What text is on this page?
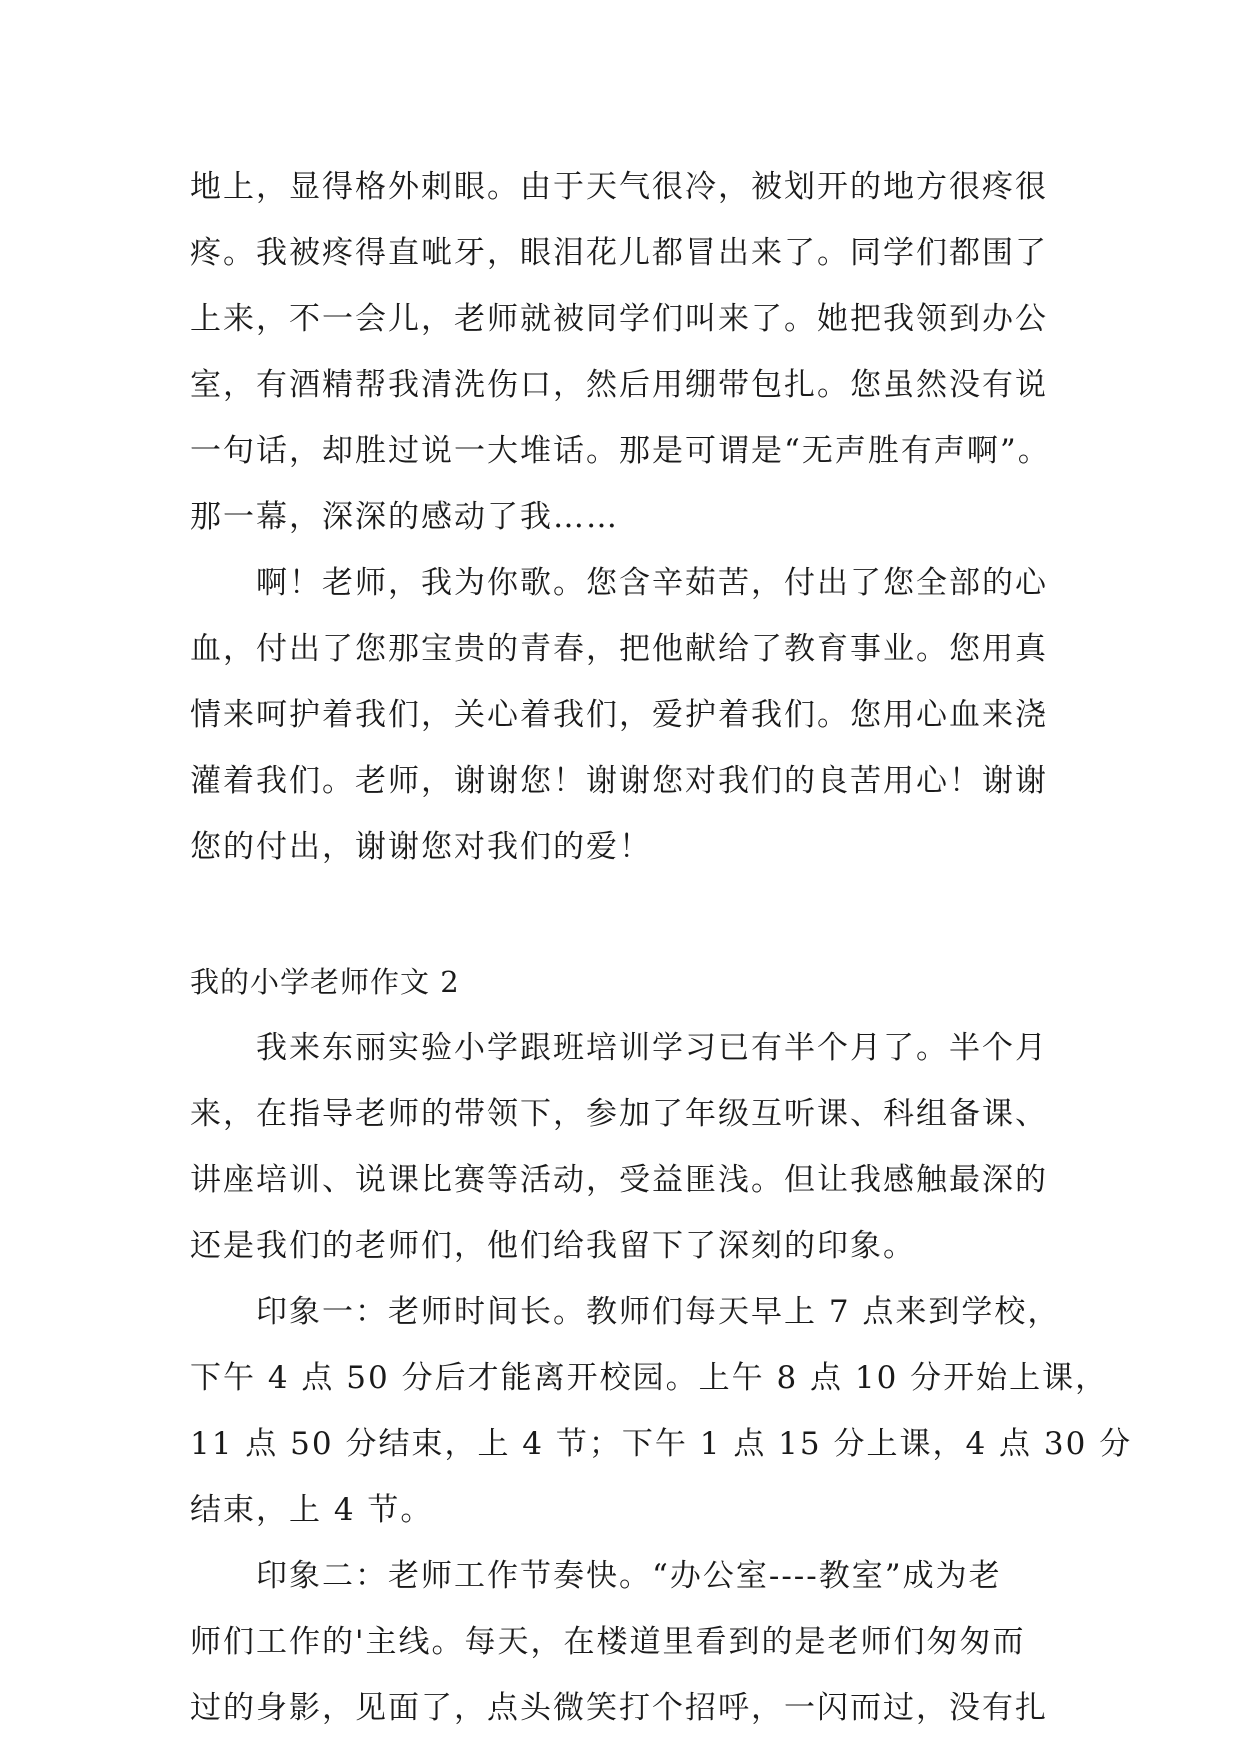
地上，显得格外刺眼。由于天气很冷，被划开的地方很疼很
疼。我被疼得直呲牙，眼泪花儿都冒出来了。同学们都围了
上来，不一会儿，老师就被同学们叫来了。她把我领到办公
室，有酒精帮我清洗伤口，然后用绷带包扎。您虽然没有说
一句话，却胜过说一大堆话。那是可谓是“无声胜有声啊”。
那一幕，深深的感动了我……
啊！老师，我为你歌。您含辛茹苦，付出了您全部的心
血，付出了您那宝贵的青春，把他献给了教育事业。您用真
情来呵护着我们，关心着我们，爱护着我们。您用心血来浇
灌着我们。老师，谢谢您！谢谢您对我们的良苦用心！谢谢
您的付出，谢谢您对我们的爱！
我的小学老师作文 2
我来东丽实验小学跟班培训学习已有半个月了。半个月
来，在指导老师的带领下，参加了年级互听课、科组备课、
讲座培训、说课比赛等活动，受益匪浅。但让我感触最深的
还是我们的老师们，他们给我留下了深刻的印象。
印象一：老师时间长。教师们每天早上 7 点来到学校，
下午 4 点 50 分后才能离开校园。上午 8 点 10 分开始上课，
11 点 50 分结束，上 4 节；下午 1 点 15 分上课，4 点 30 分
结束，上 4 节。
印象二：老师工作节奏快。“办公室----教室”成为老
师们工作的'主线。每天，在楼道里看到的是老师们匆匆而
过的身影，见面了，点头微笑打个招呼，一闪而过，没有扎
